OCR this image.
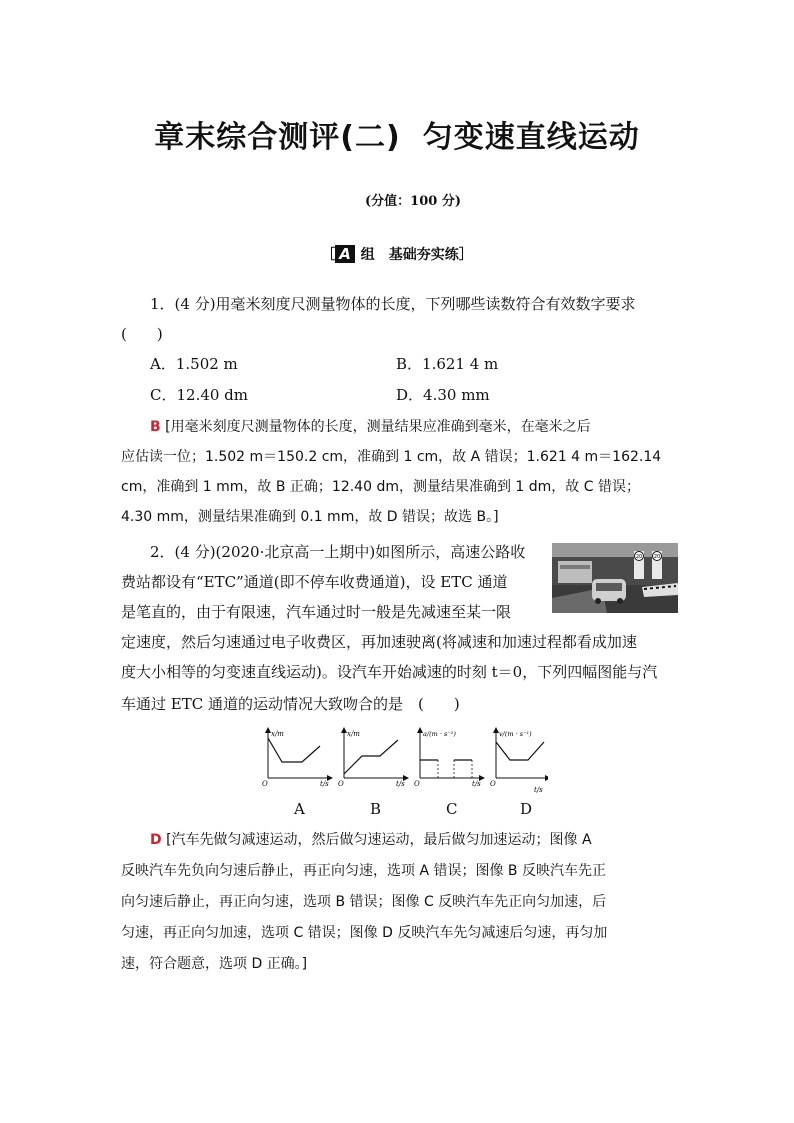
章末综合测评(二) 匀变速直线运动
(分值：100 分)
［ A 组　基础夯实练］
1．(4 分)用毫米刻度尺测量物体的长度，下列哪些读数符合有效数字要求
(　　)
A．1.502 m	B．1.621 4 m
C．12.40 dm	D．4.30 mm
B [用毫米刻度尺测量物体的长度，测量结果应准确到毫米，在毫米之后
应估读一位；1.502 m＝150.2 cm，准确到 1 cm，故 A 错误；1.621 4 m＝162.14
cm，准确到 1 mm，故 B 正确；12.40 dm，测量结果准确到 1 dm，故 C 错误；
4.30 mm，测量结果准确到 0.1 mm，故 D 错误；故选 B。]
2．(4 分)(2020·北京高一上期中)如图所示，高速公路收
费站都设有“ETC”通道(即不停车收费通道)，设 ETC 通道
是笔直的，由于有限速，汽车通过时一般是先减速至某一限
定速度，然后匀速通过电子收费区，再加速驶离(将减速和加速过程都看成加速
度大小相等的匀变速直线运动)。设汽车开始减速的时刻 t＝0，下列四幅图能与汽
车通过 ETC 通道的运动情况大致吻合的是　(　　)
20 20
x/m
O	t/s
x/m
O	t/s
a/(m · s⁻²)
O	t/s
v/(m · s⁻¹)
O
t/s
A	B	C	D
D [汽车先做匀减速运动，然后做匀速运动，最后做匀加速运动；图像 A
反映汽车先负向匀速后静止，再正向匀速，选项 A 错误；图像 B 反映汽车先正
向匀速后静止，再正向匀速，选项 B 错误；图像 C 反映汽车先正向匀加速，后
匀速，再正向匀加速，选项 C 错误；图像 D 反映汽车先匀减速后匀速，再匀加
速，符合题意，选项 D 正确。]
